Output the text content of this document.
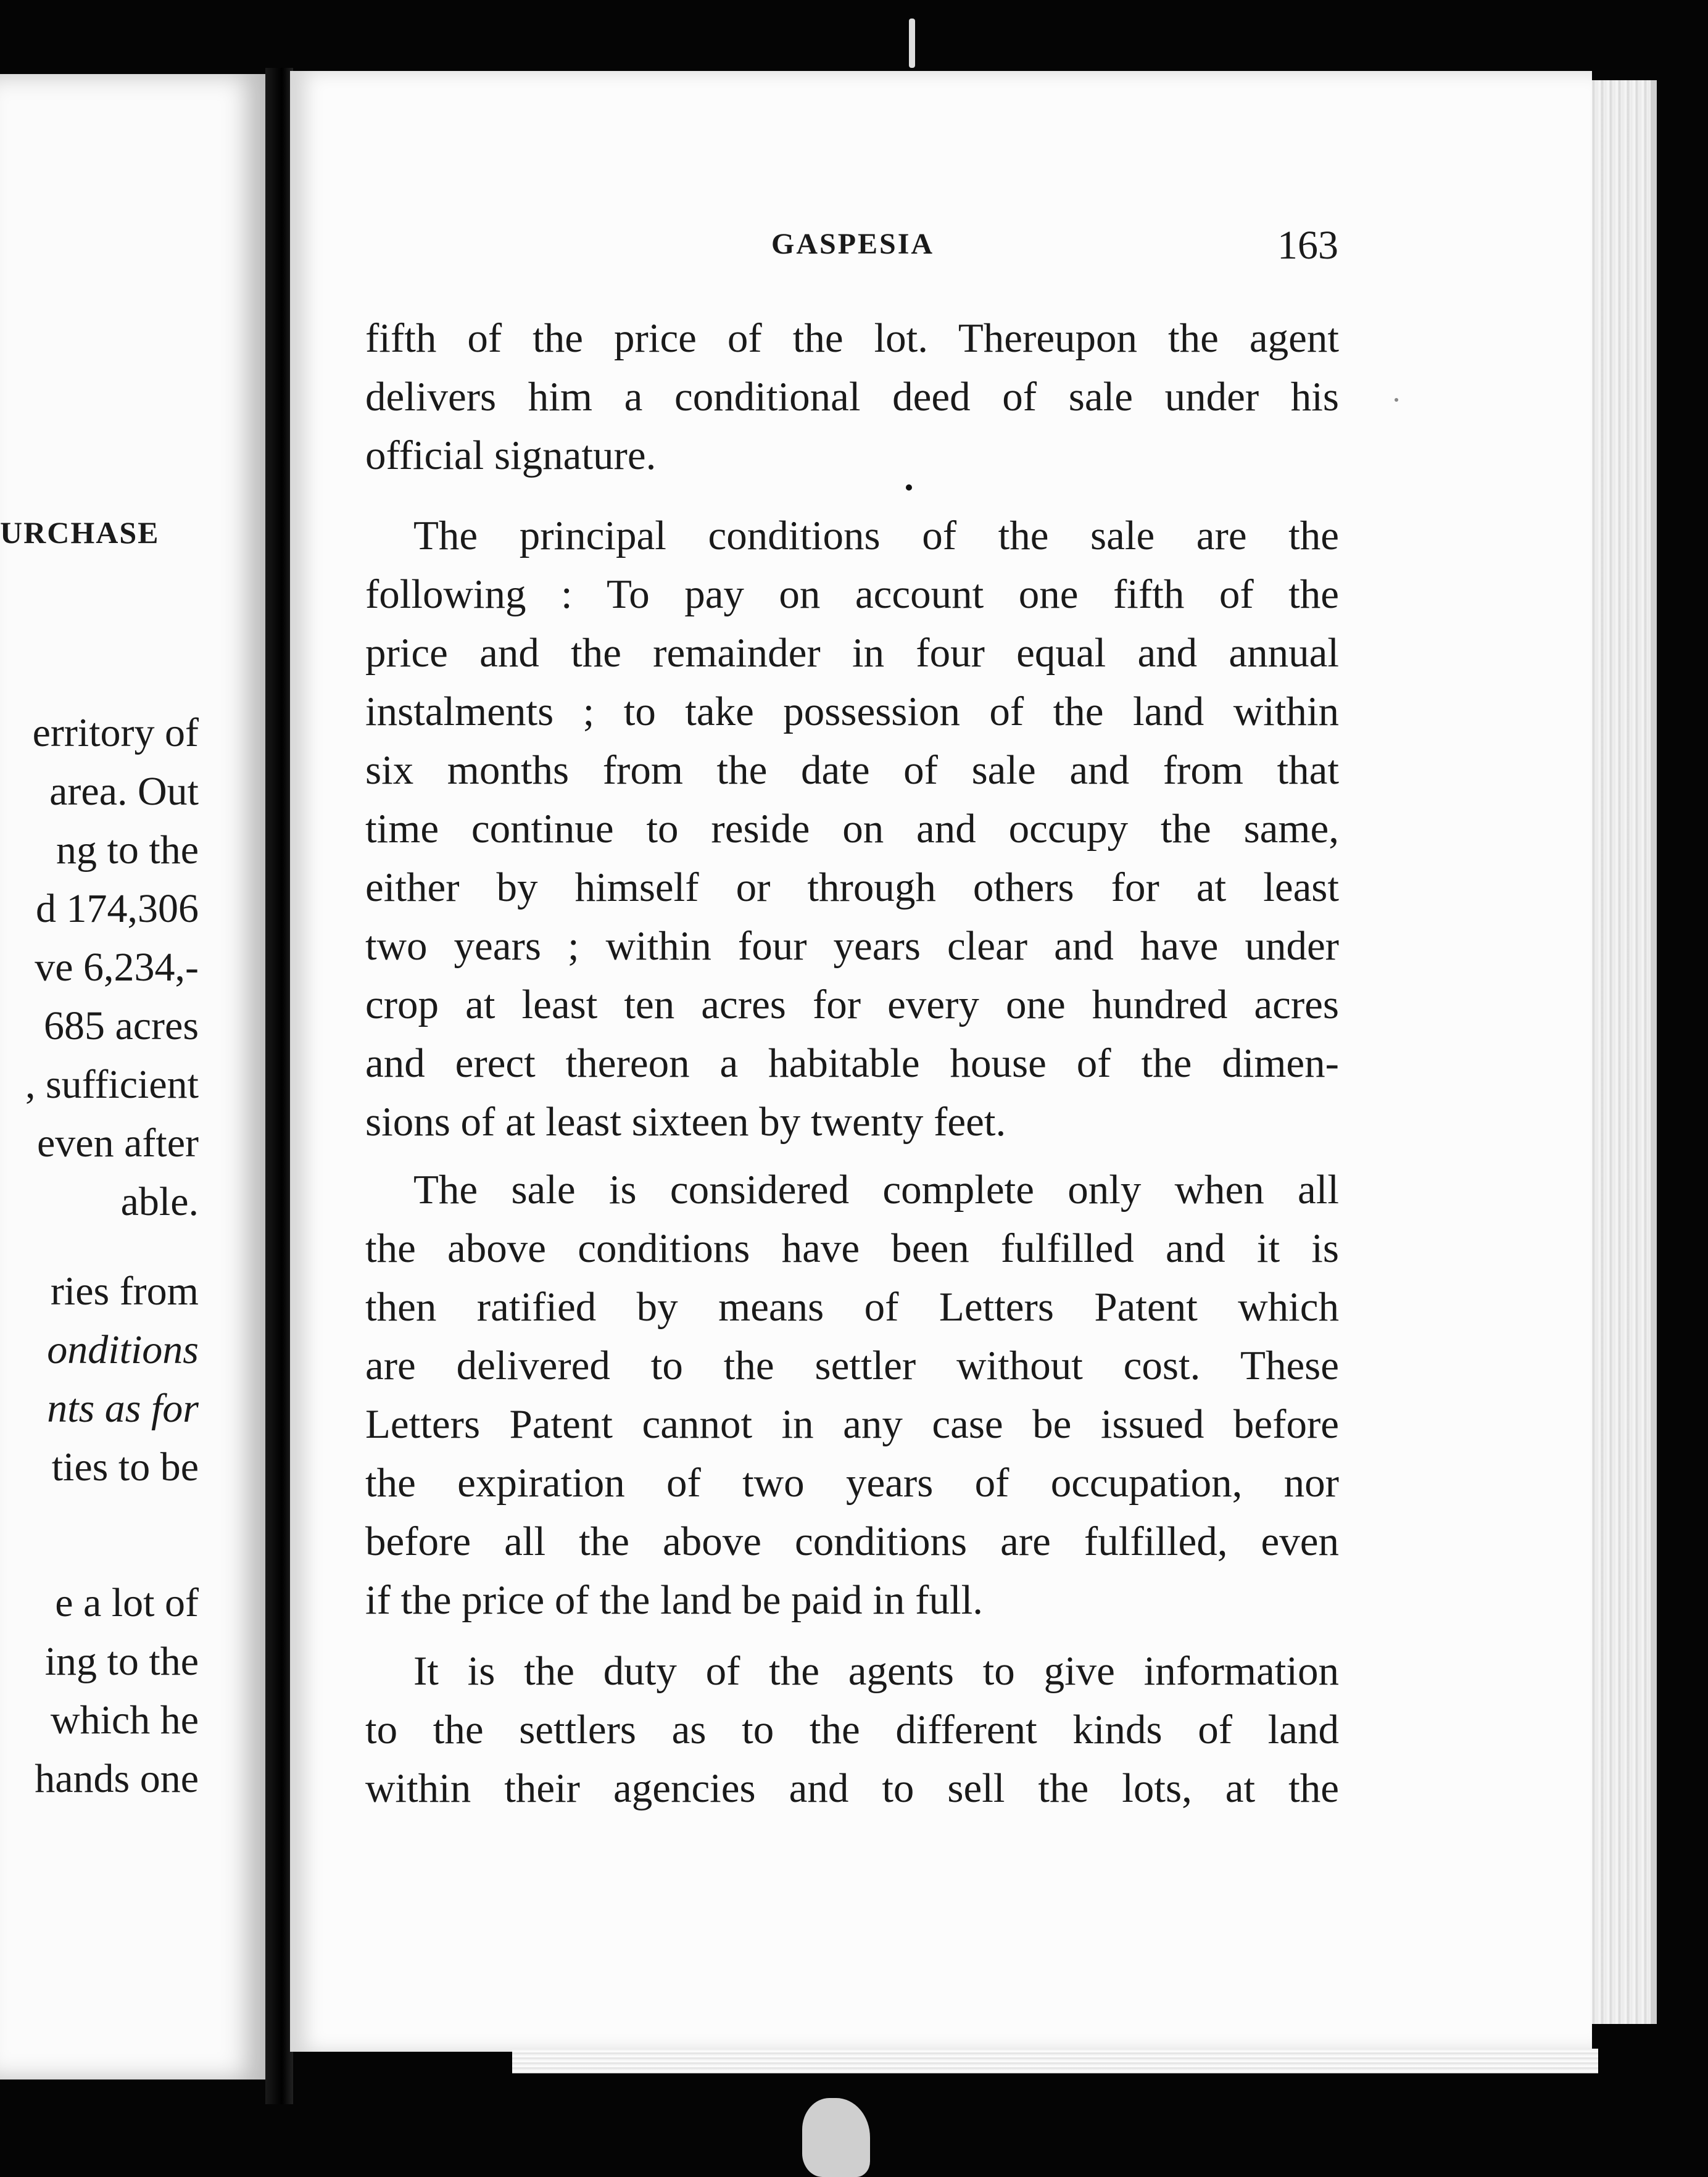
URCHASE
erritory of
area. Out
ng to the
d 174,306
ve 6,234,-
685 acres
, sufficient
even after
able.
ries from
onditions
nts as for
ties to be
e a lot of
ing to the
which he
hands one
GASPESIA	163
fifth of the price of the lot. Thereupon the agent
delivers him a conditional deed of sale under his
official signature.
The principal conditions of the sale are the
following : To pay on account one fifth of the
price and the remainder in four equal and annual
instalments ; to take possession of the land within
six months from the date of sale and from that
time continue to reside on and occupy the same,
either by himself or through others for at least
two years ; within four years clear and have under
crop at least ten acres for every one hundred acres
and erect thereon a habitable house of the dimen-
sions of at least sixteen by twenty feet.
The sale is considered complete only when all
the above conditions have been fulfilled and it is
then ratified by means of Letters Patent which
are delivered to the settler without cost. These
Letters Patent cannot in any case be issued before
the expiration of two years of occupation, nor
before all the above conditions are fulfilled, even
if the price of the land be paid in full.
It is the duty of the agents to give information
to the settlers as to the different kinds of land
within their agencies and to sell the lots, at the
